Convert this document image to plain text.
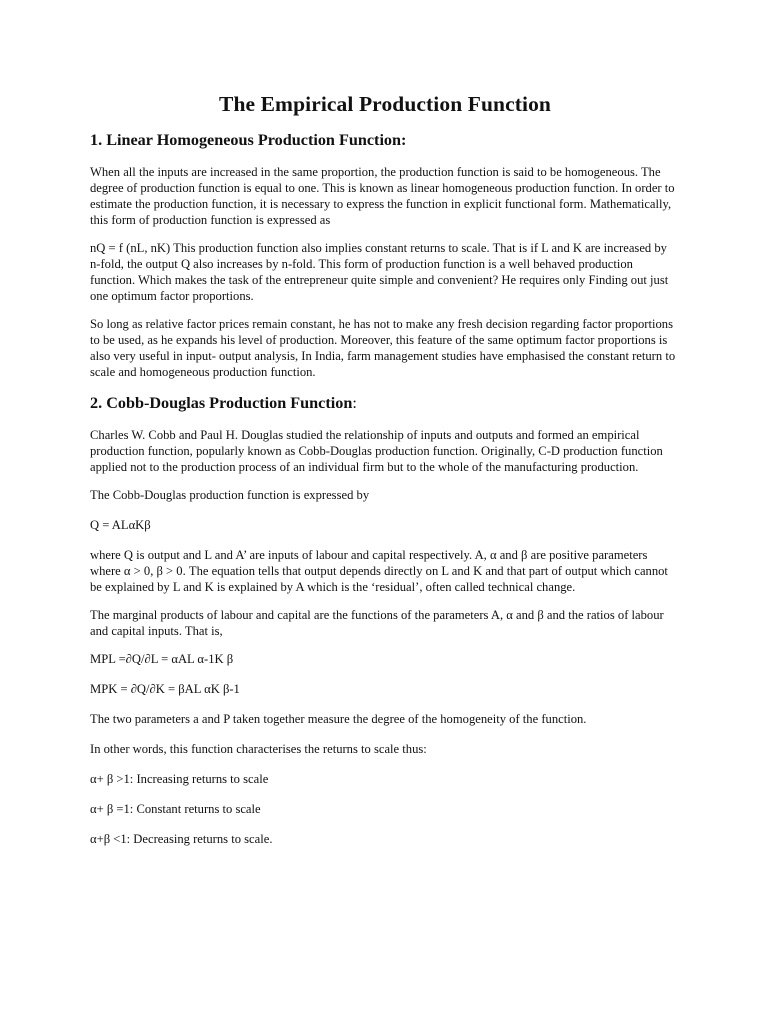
The Empirical Production Function
1. Linear Homogeneous Production Function:

When all the inputs are increased in the same proportion, the production function is said to be homogeneous. The degree of production function is equal to one. This is known as linear homogeneous production function. In order to estimate the production function, it is necessary to express the function in explicit functional form. Mathematically, this form of production function is expressed as

nQ = f (nL, nK) This production function also implies constant returns to scale. That is if L and K are increased by n-fold, the output Q also increases by n-fold. This form of production function is a well behaved production function. Which makes the task of the entrepreneur quite simple and convenient? He requires only Finding out just one optimum factor proportions.

So long as relative factor prices remain constant, he has not to make any fresh decision regarding factor proportions to be used, as he expands his level of production. Moreover, this feature of the same optimum factor proportions is also very useful in input- output analysis, In India, farm management studies have emphasised the constant return to scale and homogeneous production function.

2. Cobb-Douglas Production Function:

Charles W. Cobb and Paul H. Douglas studied the relationship of inputs and outputs and formed an empirical production function, popularly known as Cobb-Douglas production function. Originally, C-D production function applied not to the production process of an individual firm but to the whole of the manufacturing production.

The Cobb-Douglas production function is expressed by

Q = ALαKβ

where Q is output and L and A’ are inputs of labour and capital respectively. A, α and β are positive parameters where α > 0, β > 0. The equation tells that output depends directly on L and K and that part of output which cannot be explained by L and K is explained by A which is the ‘residual’, often called technical change.

The marginal products of labour and capital are the functions of the parameters A, α and β and the ratios of labour and capital inputs. That is,

MPL =∂Q/∂L = αAL α-1K β

MPK = ∂Q/∂K = βAL αK β-1

The two parameters a and P taken together measure the degree of the homogeneity of the function.

In other words, this function characterises the returns to scale thus:

α+ β >1: Increasing returns to scale

α+ β =1: Constant returns to scale

α+β <1: Decreasing returns to scale.
